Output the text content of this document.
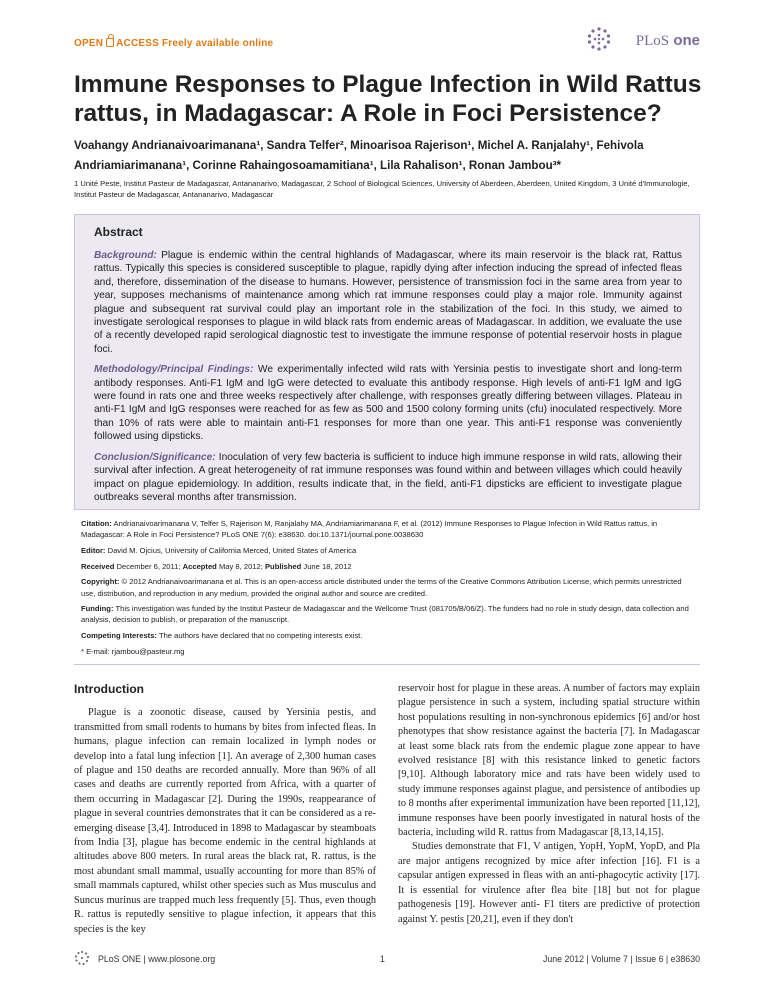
OPEN ACCESS Freely available online	PLoS one
Immune Responses to Plague Infection in Wild Rattus rattus, in Madagascar: A Role in Foci Persistence?
Voahangy Andrianaivoarimanana¹, Sandra Telfer², Minoarisoa Rajerison¹, Michel A. Ranjalahy¹, Fehivola Andriamiarimanana¹, Corinne Rahaingosoamamitiana¹, Lila Rahalison¹, Ronan Jambou³*
1 Unité Peste, Institut Pasteur de Madagascar, Antananarivo, Madagascar, 2 School of Biological Sciences, University of Aberdeen, Aberdeen, United Kingdom, 3 Unité d'Immunologie, Institut Pasteur de Madagascar, Antananarivo, Madagascar
Abstract

Background: Plague is endemic within the central highlands of Madagascar, where its main reservoir is the black rat, Rattus rattus. Typically this species is considered susceptible to plague, rapidly dying after infection inducing the spread of infected fleas and, therefore, dissemination of the disease to humans. However, persistence of transmission foci in the same area from year to year, supposes mechanisms of maintenance among which rat immune responses could play a major role. Immunity against plague and subsequent rat survival could play an important role in the stabilization of the foci. In this study, we aimed to investigate serological responses to plague in wild black rats from endemic areas of Madagascar. In addition, we evaluate the use of a recently developed rapid serological diagnostic test to investigate the immune response of potential reservoir hosts in plague foci.

Methodology/Principal Findings: We experimentally infected wild rats with Yersinia pestis to investigate short and long-term antibody responses. Anti-F1 IgM and IgG were detected to evaluate this antibody response. High levels of anti-F1 IgM and IgG were found in rats one and three weeks respectively after challenge, with responses greatly differing between villages. Plateau in anti-F1 IgM and IgG responses were reached for as few as 500 and 1500 colony forming units (cfu) inoculated respectively. More than 10% of rats were able to maintain anti-F1 responses for more than one year. This anti-F1 response was conveniently followed using dipsticks.

Conclusion/Significance: Inoculation of very few bacteria is sufficient to induce high immune response in wild rats, allowing their survival after infection. A great heterogeneity of rat immune responses was found within and between villages which could heavily impact on plague epidemiology. In addition, results indicate that, in the field, anti-F1 dipsticks are efficient to investigate plague outbreaks several months after transmission.

Citation: Andrianaivoarimanana V, Telfer S, Rajerison M, Ranjalahy MA, Andriamiarimanana F, et al. (2012) Immune Responses to Plague Infection in Wild Rattus rattus, in Madagascar: A Role in Foci Persistence? PLoS ONE 7(6): e38630. doi:10.1371/journal.pone.0038630

Editor: David M. Ojcius, University of California Merced, United States of America

Received December 6, 2011; Accepted May 8, 2012; Published June 18, 2012

Copyright: © 2012 Andrianaivoarimanana et al. This is an open-access article distributed under the terms of the Creative Commons Attribution License, which permits unrestricted use, distribution, and reproduction in any medium, provided the original author and source are credited.

Funding: This investigation was funded by the Institut Pasteur de Madagascar and the Wellcome Trust (081705/B/06/Z). The funders had no role in study design, data collection and analysis, decision to publish, or preparation of the manuscript.

Competing Interests: The authors have declared that no competing interests exist.

* E-mail: rjambou@pasteur.mg

Introduction

Plague is a zoonotic disease, caused by Yersinia pestis, and transmitted from small rodents to humans by bites from infected fleas. In humans, plague infection can remain localized in lymph nodes or develop into a fatal lung infection [1]. An average of 2,300 human cases of plague and 150 deaths are recorded annually. More than 96% of all cases and deaths are currently reported from Africa, with a quarter of them occurring in Madagascar [2]. During the 1990s, reappearance of plague in several countries demonstrates that it can be considered as a re-emerging disease [3,4]. Introduced in 1898 to Madagascar by steamboats from India [3], plague has become endemic in the central highlands at altitudes above 800 meters. In rural areas the black rat, R. rattus, is the most abundant small mammal, usually accounting for more than 85% of small mammals captured, whilst other species such as Mus musculus and Suncus murinus are trapped much less frequently [5]. Thus, even though R. rattus is reputedly sensitive to plague infection, it appears that this species is the key

reservoir host for plague in these areas. A number of factors may explain plague persistence in such a system, including spatial structure within host populations resulting in non-synchronous epidemics [6] and/or host phenotypes that show resistance against the bacteria [7]. In Madagascar at least some black rats from the endemic plague zone appear to have evolved resistance [8] with this resistance linked to genetic factors [9,10]. Although laboratory mice and rats have been widely used to study immune responses against plague, and persistence of antibodies up to 8 months after experimental immunization have been reported [11,12], immune responses have been poorly investigated in natural hosts of the bacteria, including wild R. rattus from Madagascar [8,13,14,15].

Studies demonstrate that F1, V antigen, YopH, YopM, YopD, and Pla are major antigens recognized by mice after infection [16]. F1 is a capsular antigen expressed in fleas with an anti-phagocytic activity [17]. It is essential for virulence after flea bite [18] but not for plague pathogenesis [19]. However anti- F1 titers are predictive of protection against Y. pestis [20,21], even if they don't

PLoS ONE | www.plosone.org	1	June 2012 | Volume 7 | Issue 6 | e38630
